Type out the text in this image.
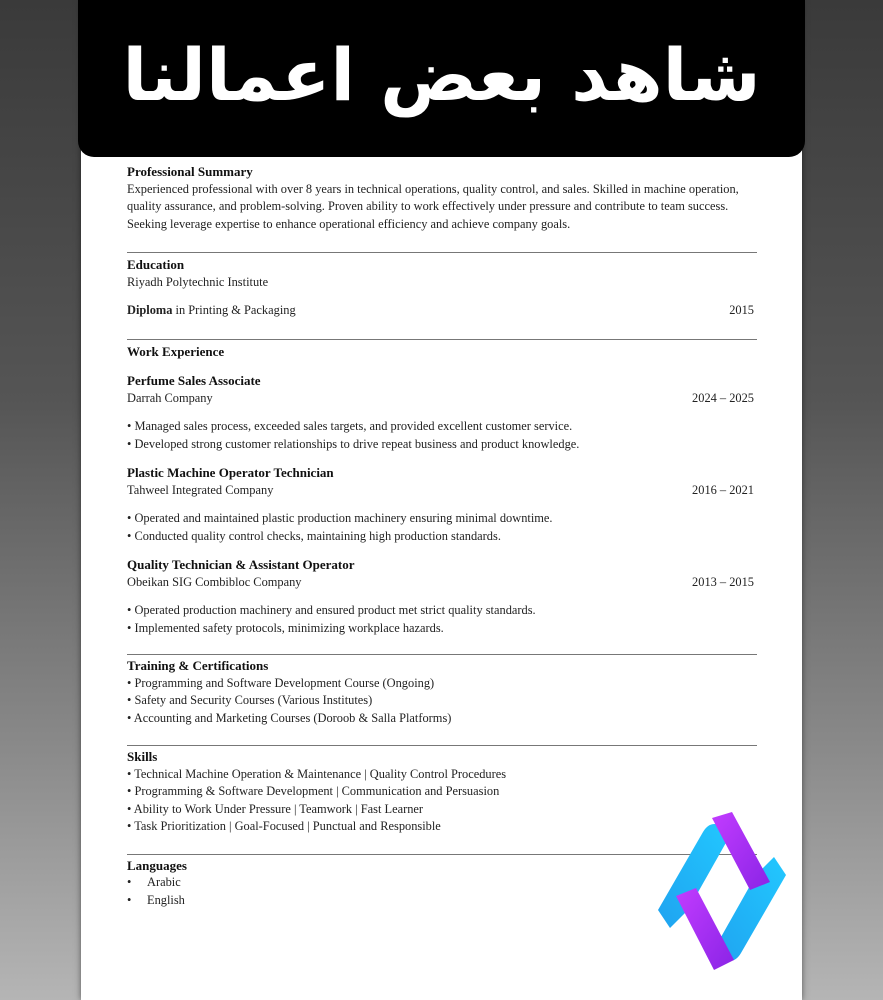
شاهد بعض اعمالنا
Professional Summary
Experienced professional with over 8 years in technical operations, quality control, and sales. Skilled in machine operation, quality assurance, and problem-solving. Proven ability to work effectively under pressure and contribute to team success. Seeking leverage expertise to enhance operational efficiency and achieve company goals.
Education
Riyadh Polytechnic Institute
Diploma in Printing & Packaging	2015
Work Experience
Perfume Sales Associate
Darrah Company	2024 – 2025
• Managed sales process, exceeded sales targets, and provided excellent customer service.
• Developed strong customer relationships to drive repeat business and product knowledge.
Plastic Machine Operator Technician
Tahweel Integrated Company	2016 – 2021
• Operated and maintained plastic production machinery ensuring minimal downtime.
• Conducted quality control checks, maintaining high production standards.
Quality Technician & Assistant Operator
Obeikan SIG Combibloc Company	2013 – 2015
• Operated production machinery and ensured product met strict quality standards.
• Implemented safety protocols, minimizing workplace hazards.
Training & Certifications
• Programming and Software Development Course (Ongoing)
• Safety and Security Courses (Various Institutes)
• Accounting and Marketing Courses (Doroob & Salla Platforms)
Skills
• Technical Machine Operation & Maintenance | Quality Control Procedures
• Programming & Software Development | Communication and Persuasion
• Ability to Work Under Pressure | Teamwork | Fast Learner
• Task Prioritization | Goal-Focused | Punctual and Responsible
Languages
• Arabic
• English
